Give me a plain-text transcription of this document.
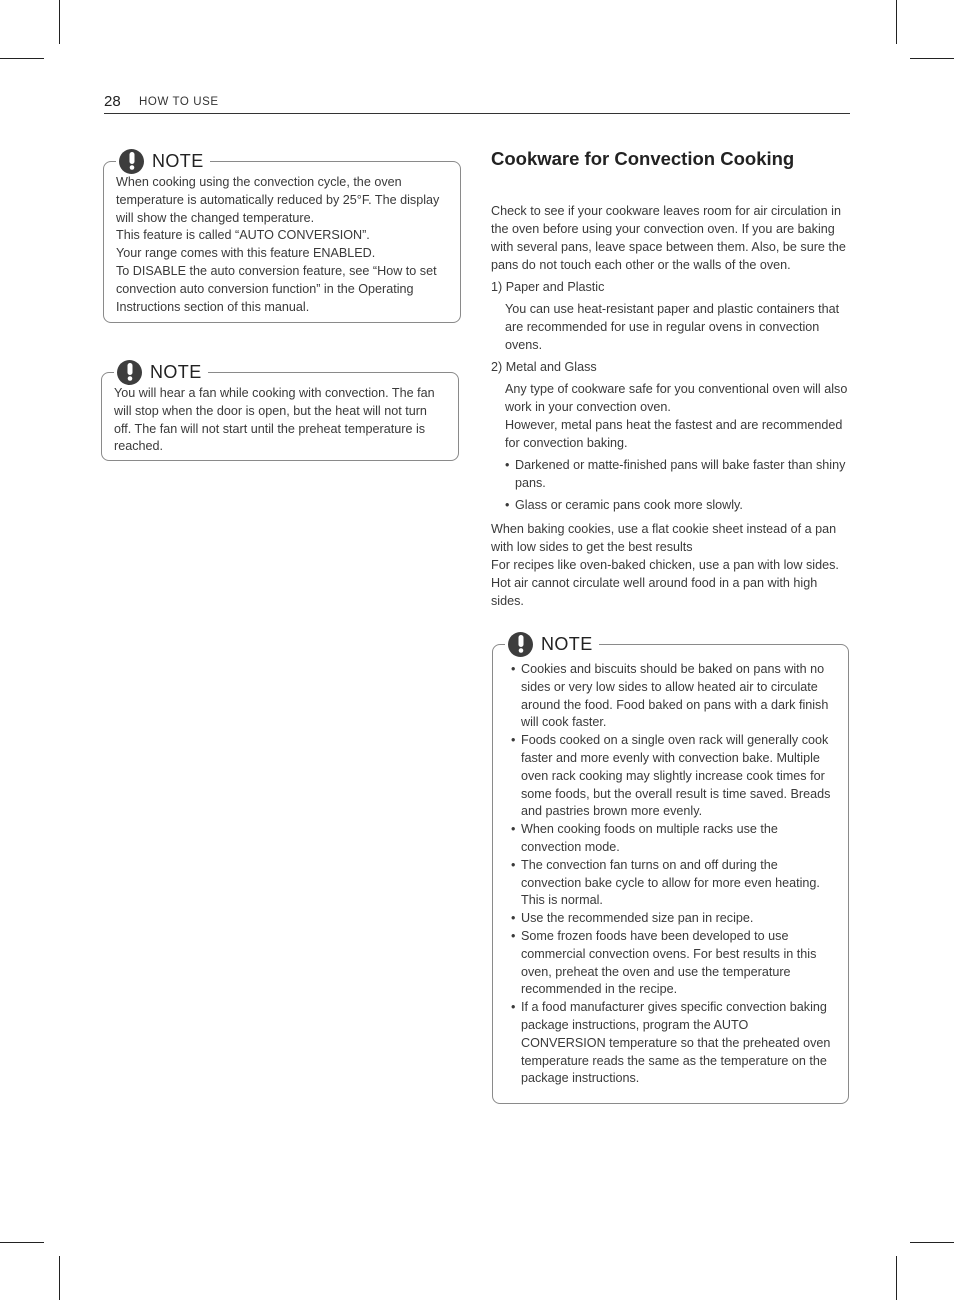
28 HOW TO USE
NOTE

When cooking using the convection cycle, the oven temperature is automatically reduced by 25°F. The display will show the changed temperature.

This feature is called “AUTO CONVERSION”.

Your range comes with this feature ENABLED.

To DISABLE the auto conversion feature, see “How to set convection auto conversion function” in the Operating Instructions section of this manual.

NOTE

You will hear a fan while cooking with convection. The fan will stop when the door is open, but the heat will not turn off. The fan will not start until the preheat temperature is reached.

Cookware for Convection Cooking

Check to see if your cookware leaves room for air circulation in the oven before using your convection oven. If you are baking with several pans, leave space between them. Also, be sure the pans do not touch each other or the walls of the oven.

1) Paper and Plastic

You can use heat-resistant paper and plastic containers that are recommended for use in regular ovens in convection ovens.

2) Metal and Glass

Any type of cookware safe for you conventional oven will also work in your convection oven.
However, metal pans heat the fastest and are recommended for convection baking.

• Darkened or matte-finished pans will bake faster than shiny pans.
• Glass or ceramic pans cook more slowly.

When baking cookies, use a flat cookie sheet instead of a pan with low sides to get the best results
For recipes like oven-baked chicken, use a pan with low sides. Hot air cannot circulate well around food in a pan with high sides.

NOTE
• Cookies and biscuits should be baked on pans with no sides or very low sides to allow heated air to circulate around the food. Food baked on pans with a dark finish will cook faster.
• Foods cooked on a single oven rack will generally cook faster and more evenly with convection bake. Multiple oven rack cooking may slightly increase cook times for some foods, but the overall result is time saved. Breads and pastries brown more evenly.
• When cooking foods on multiple racks use the convection mode.
• The convection fan turns on and off during the convection bake cycle to allow for more even heating. This is normal.
• Use the recommended size pan in recipe.
• Some frozen foods have been developed to use commercial convection ovens. For best results in this oven, preheat the oven and use the temperature recommended in the recipe.
• If a food manufacturer gives specific convection baking package instructions, program the AUTO CONVERSION temperature so that the preheated oven temperature reads the same as the temperature on the package instructions.
